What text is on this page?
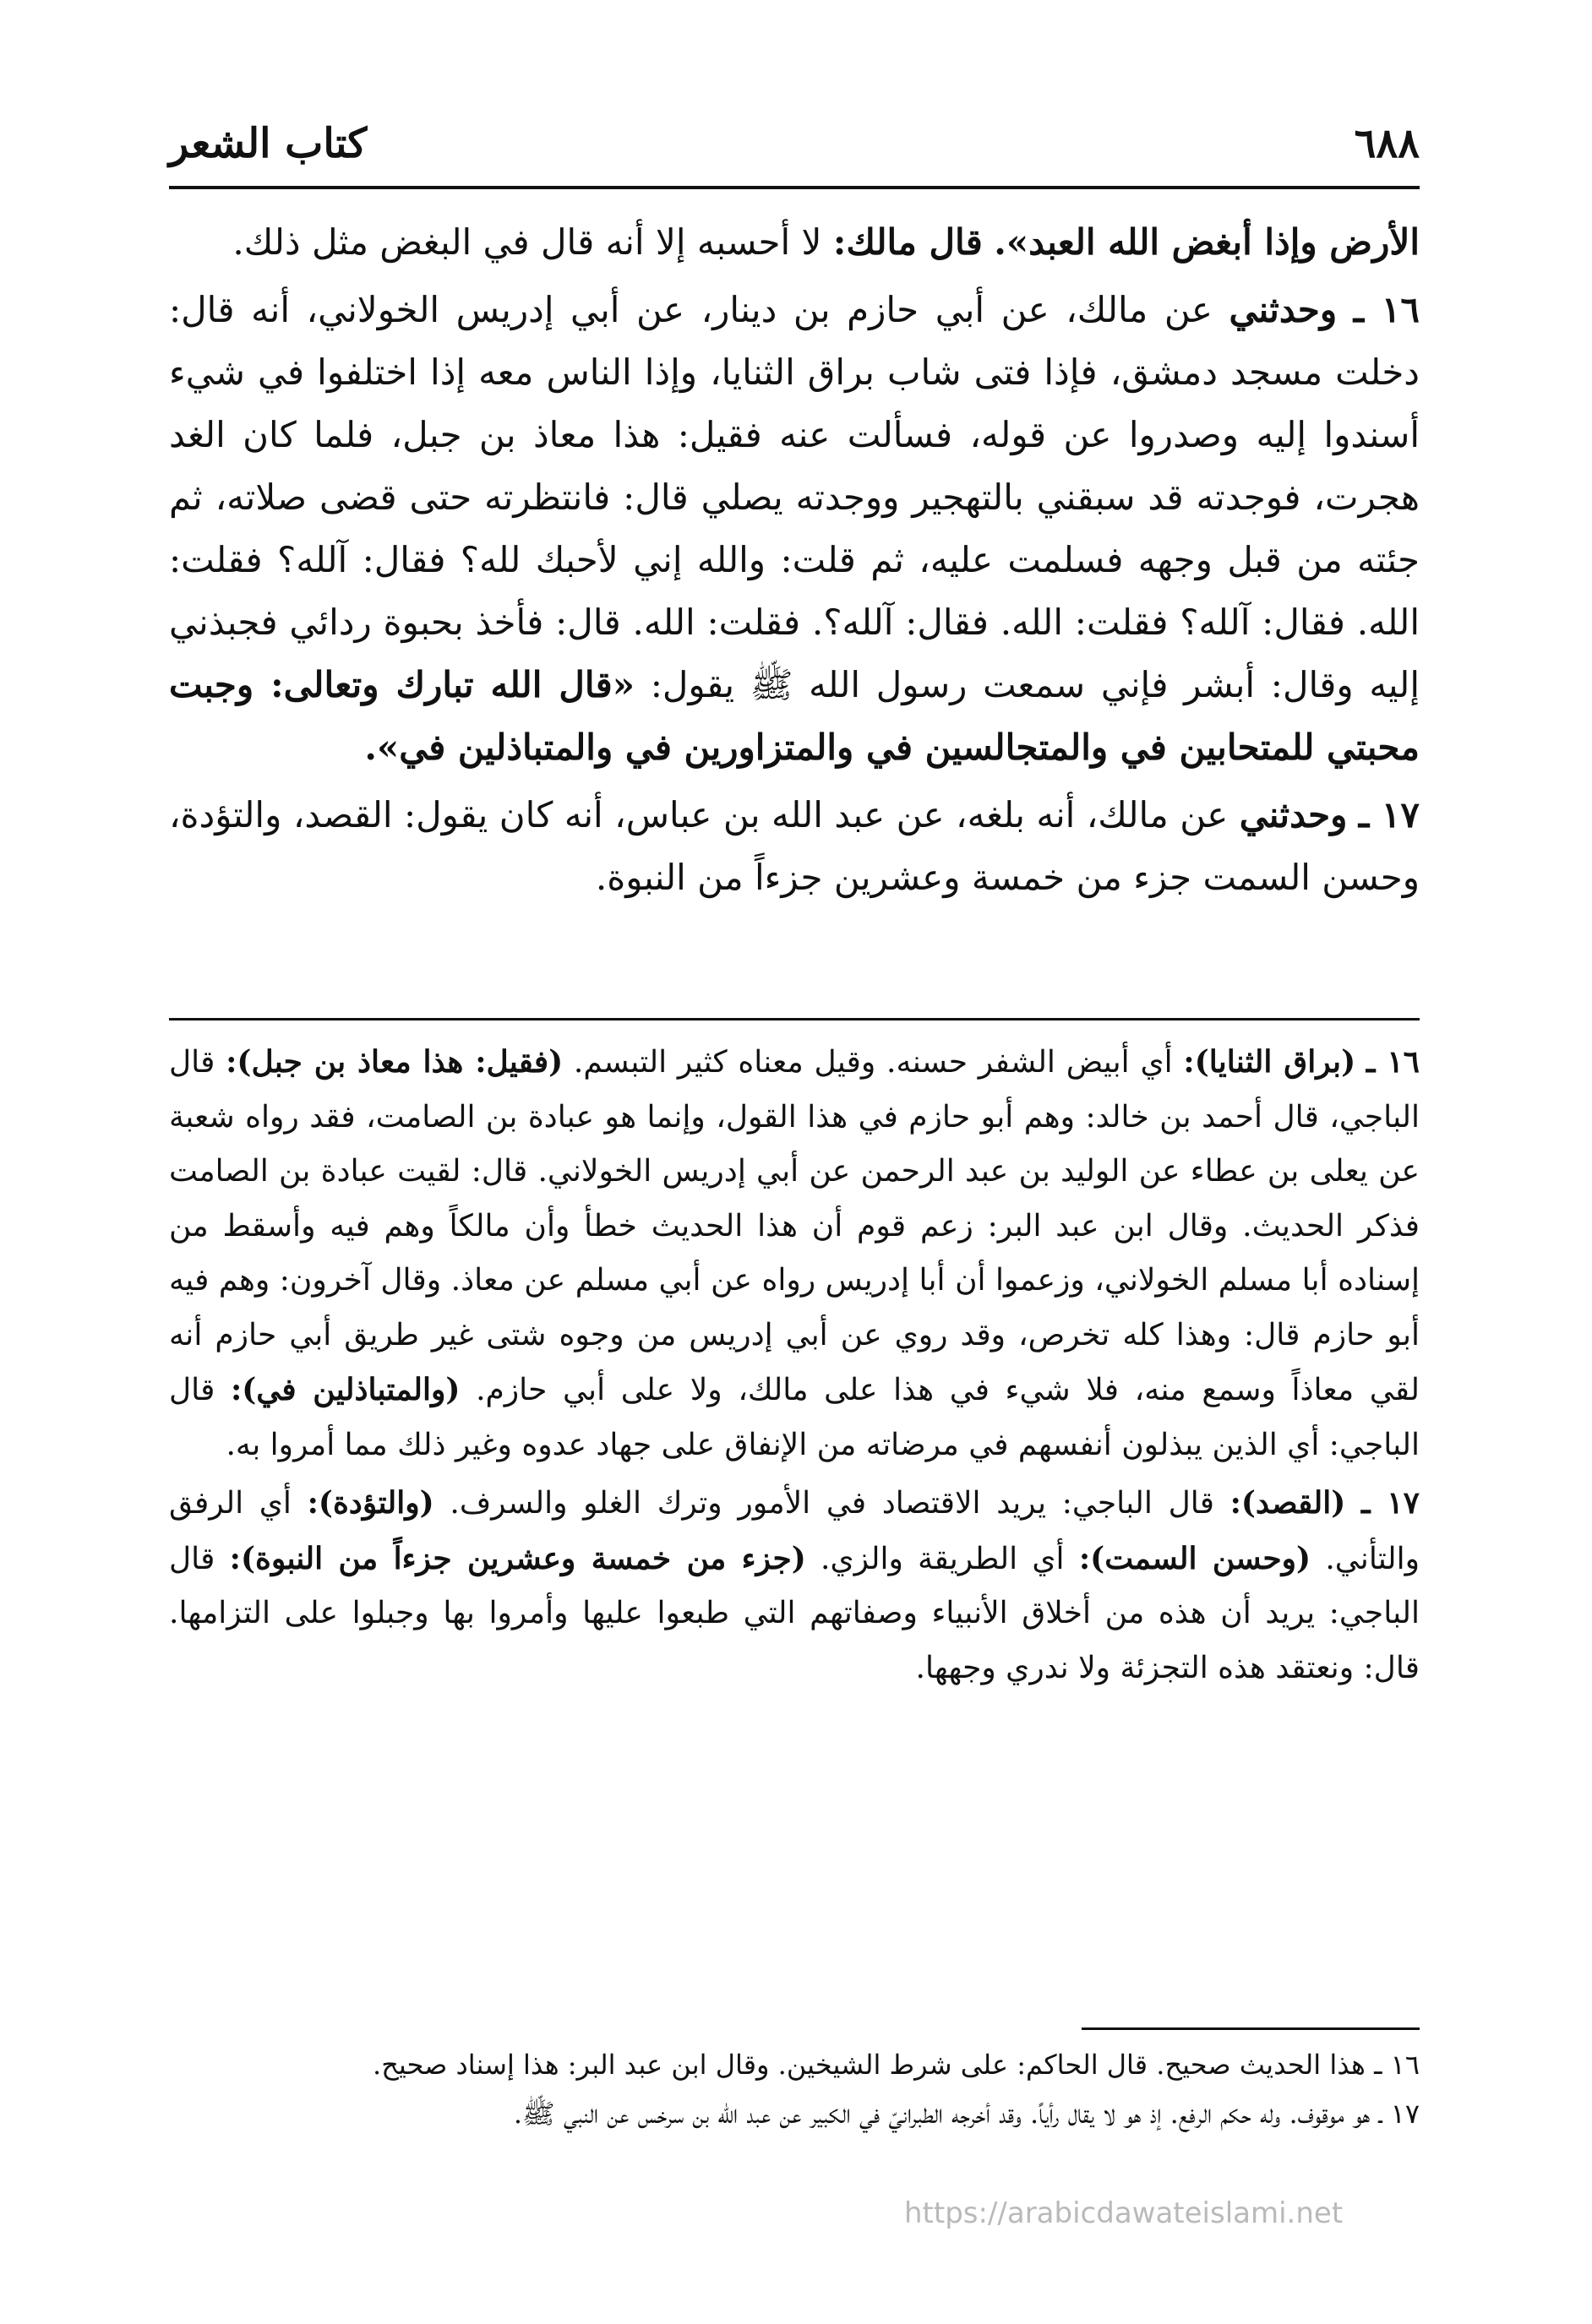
٦٨٨
كتاب الشعر

الأرض وإذا أبغض الله العبد». قال مالك: لا أحسبه إلا أنه قال في البغض مثل ذلك.

١٦ ـ وحدثني عن مالك، عن أبي حازم بن دينار، عن أبي إدريس الخولاني، أنه قال: دخلت مسجد دمشق، فإذا فتى شاب براق الثنايا، وإذا الناس معه إذا اختلفوا في شيء أسندوا إليه وصدروا عن قوله، فسألت عنه فقيل: هذا معاذ بن جبل، فلما كان الغد هجرت، فوجدته قد سبقني بالتهجير ووجدته يصلي قال: فانتظرته حتى قضى صلاته، ثم جئته من قبل وجهه فسلمت عليه، ثم قلت: والله إني لأحبك لله؟ فقال: آلله؟ فقلت: الله. فقال: آلله؟ فقلت: الله. فقال: آلله؟. فقلت: الله. قال: فأخذ بحبوة ردائي فجبذني إليه وقال: أبشر فإني سمعت رسول الله ﷺ يقول: «قال الله تبارك وتعالى: وجبت محبتي للمتحابين في والمتجالسين في والمتزاورين في والمتباذلين في».

١٧ ـ وحدثني عن مالك، أنه بلغه، عن عبد الله بن عباس، أنه كان يقول: القصد، والتؤدة، وحسن السمت جزء من خمسة وعشرين جزءاً من النبوة.

١٦ ـ (براق الثنايا): أي أبيض الشفر حسنه. وقيل معناه كثير التبسم. (فقيل: هذا معاذ بن جبل): قال الباجي، قال أحمد بن خالد: وهم أبو حازم في هذا القول، وإنما هو عبادة بن الصامت، فقد رواه شعبة عن يعلى بن عطاء عن الوليد بن عبد الرحمن عن أبي إدريس الخولاني. قال: لقيت عبادة بن الصامت فذكر الحديث. وقال ابن عبد البر: زعم قوم أن هذا الحديث خطأ وأن مالكاً وهم فيه وأسقط من إسناده أبا مسلم الخولاني، وزعموا أن أبا إدريس رواه عن أبي مسلم عن معاذ. وقال آخرون: وهم فيه أبو حازم قال: وهذا كله تخرص، وقد روي عن أبي إدريس من وجوه شتى غير طريق أبي حازم أنه لقي معاذاً وسمع منه، فلا شيء في هذا على مالك، ولا على أبي حازم. (والمتباذلين في): قال الباجي: أي الذين يبذلون أنفسهم في مرضاته من الإنفاق على جهاد عدوه وغير ذلك مما أمروا به.

١٧ ـ (القصد): قال الباجي: يريد الاقتصاد في الأمور وترك الغلو والسرف. (والتؤدة): أي الرفق والتأني. (وحسن السمت): أي الطريقة والزي. (جزء من خمسة وعشرين جزءاً من النبوة): قال الباجي: يريد أن هذه من أخلاق الأنبياء وصفاتهم التي طبعوا عليها وأمروا بها وجبلوا على التزامها. قال: ونعتقد هذه التجزئة ولا ندري وجهها.

١٦ ـ هذا الحديث صحيح. قال الحاكم: على شرط الشيخين. وقال ابن عبد البر: هذا إسناد صحيح.

١٧ ـ هو موقوف. وله حكم الرفع. إذ هو لا يقال رأياً. وقد أخرجه الطبرانيّ في الكبير عن عبد الله بن سرخس عن النبي ﷺ.

https://arabicdawateislami.net
